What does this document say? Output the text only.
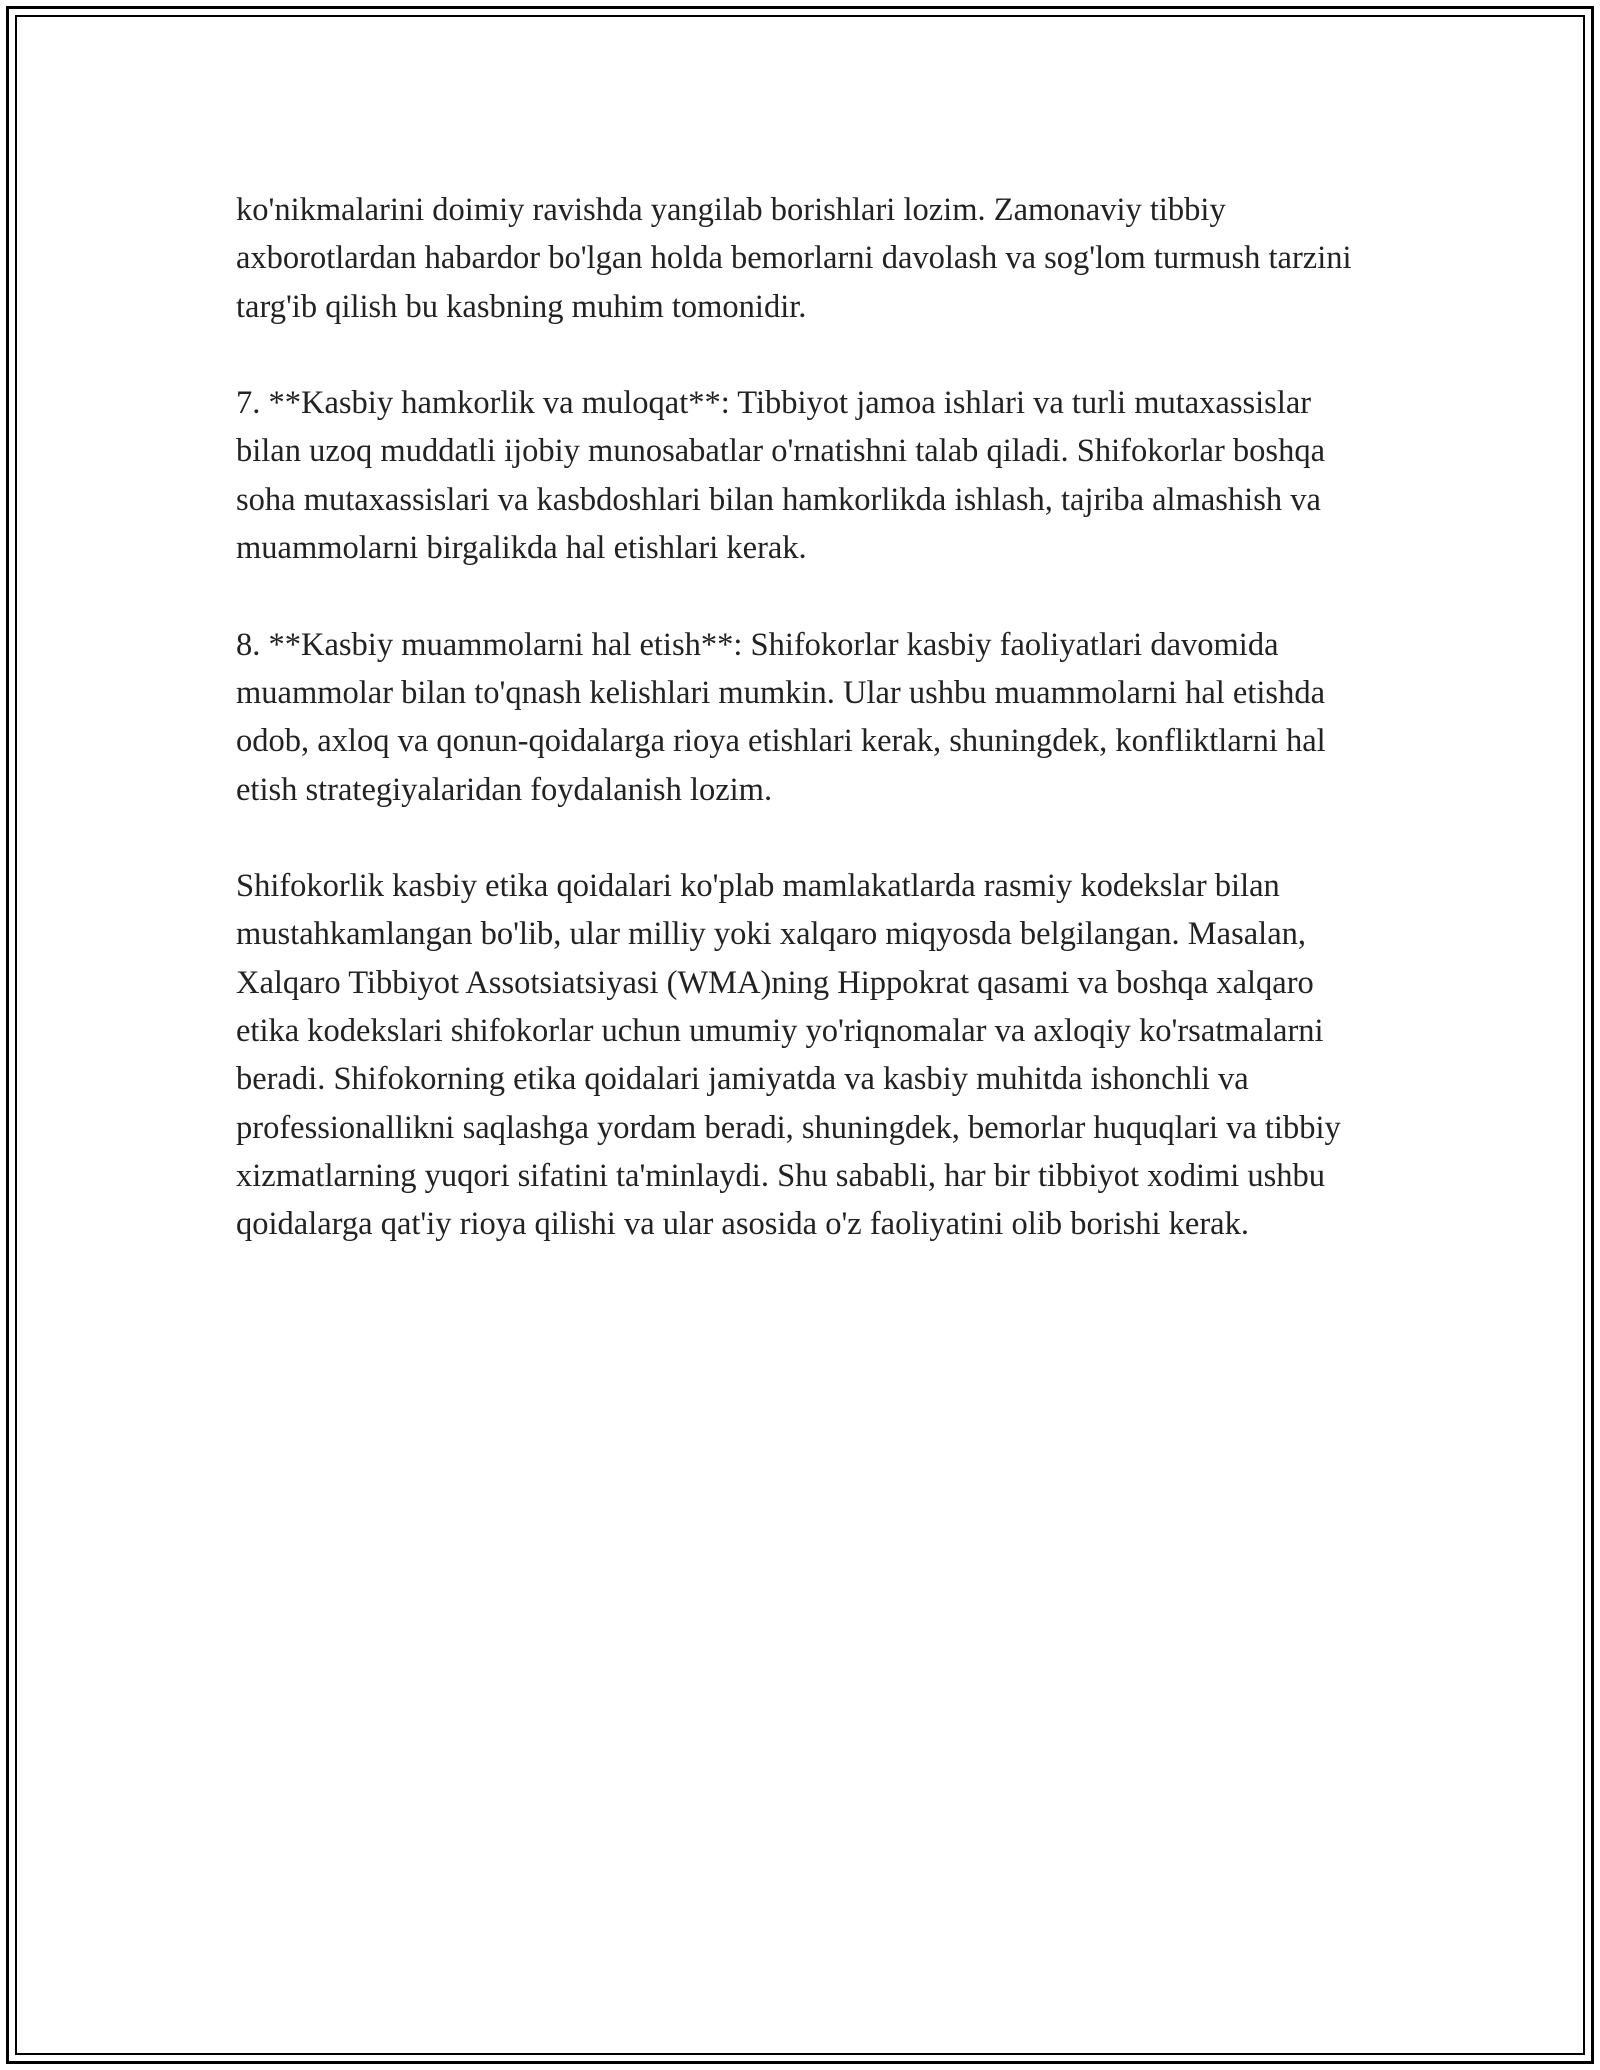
ko'nikmalarini doimiy ravishda yangilab borishlari lozim. Zamonaviy tibbiy axborotlardan habardor bo'lgan holda bemorlarni davolash va sog'lom turmush tarzini targ'ib qilish bu kasbning muhim tomonidir.

7. **Kasbiy hamkorlik va muloqat**: Tibbiyot jamoa ishlari va turli mutaxassislar bilan uzoq muddatli ijobiy munosabatlar o'rnatishni talab qiladi. Shifokorlar boshqa soha mutaxassislari va kasbdoshlari bilan hamkorlikda ishlash, tajriba almashish va muammolarni birgalikda hal etishlari kerak.

8. **Kasbiy muammolarni hal etish**: Shifokorlar kasbiy faoliyatlari davomida muammolar bilan to'qnash kelishlari mumkin. Ular ushbu muammolarni hal etishda odob, axloq va qonun-qoidalarga rioya etishlari kerak, shuningdek, konfliktlarni hal etish strategiyalaridan foydalanish lozim.

Shifokorlik kasbiy etika qoidalari ko'plab mamlakatlarda rasmiy kodekslar bilan mustahkamlangan bo'lib, ular milliy yoki xalqaro miqyosda belgilangan. Masalan, Xalqaro Tibbiyot Assotsiatsiyasi (WMA)ning Hippokrat qasami va boshqa xalqaro etika kodekslari shifokorlar uchun umumiy yo'riqnomalar va axloqiy ko'rsatmalarni beradi. Shifokorning etika qoidalari jamiyatda va kasbiy muhitda ishonchli va professionallikni saqlashga yordam beradi, shuningdek, bemorlar huquqlari va tibbiy xizmatlarning yuqori sifatini ta'minlaydi. Shu sababli, har bir tibbiyot xodimi ushbu qoidalarga qat'iy rioya qilishi va ular asosida o'z faoliyatini olib borishi kerak.
